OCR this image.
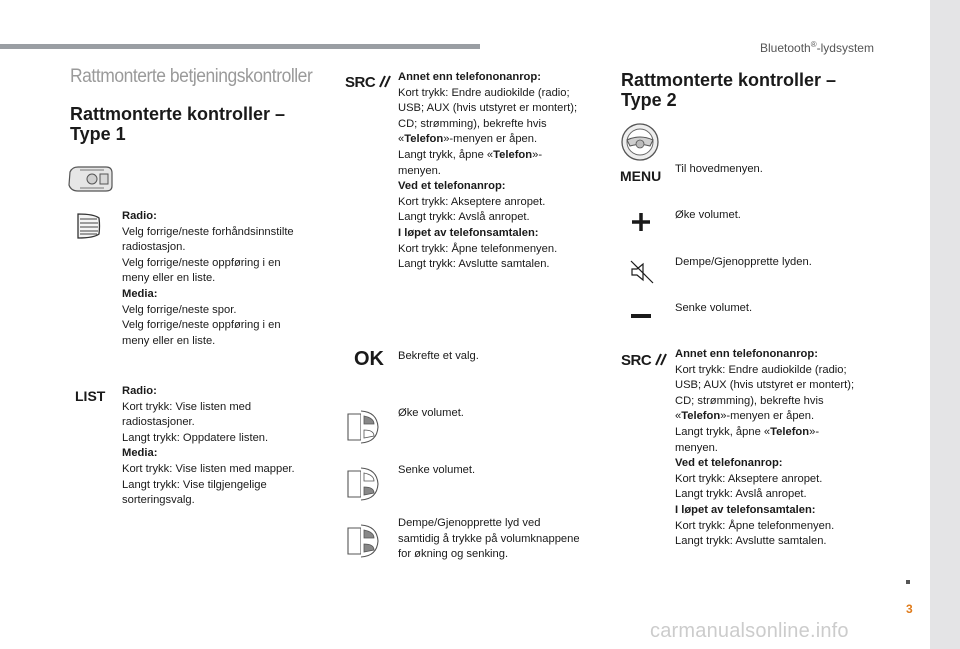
Bluetooth®-lydsystem
Rattmonterte betjeningskontroller
Rattmonterte kontroller –
Type 1
Radio:
Velg forrige/neste forhåndsinnstilte
radiostasjon.
Velg forrige/neste oppføring i en
meny eller en liste.
Media:
Velg forrige/neste spor.
Velg forrige/neste oppføring i en
meny eller en liste.
LIST Radio:
Kort trykk: Vise listen med
radiostasjoner.
Langt trykk: Oppdatere listen.
Media:
Kort trykk: Vise listen med mapper.
Langt trykk: Vise tilgjengelige
sorteringsvalg.
SRC	Annet enn telefononanrop:
Kort trykk: Endre audiokilde (radio;
USB; AUX (hvis utstyret er montert);
CD; strømming), bekrefte hvis
«Telefon»-menyen er åpen.
Langt trykk, åpne «Telefon»-
menyen.
Ved et telefonanrop:
Kort trykk: Akseptere anropet.
Langt trykk: Avslå anropet.
I løpet av telefonsamtalen:
Kort trykk: Åpne telefonmenyen.
Langt trykk: Avslutte samtalen.
OK Bekrefte et valg.
Øke volumet.
Senke volumet.
Dempe/Gjenopprette lyd ved
samtidig å trykke på volumknappene
for økning og senking.
Rattmonterte kontroller –
Type 2
MENU Til hovedmenyen.
Øke volumet.
Dempe/Gjenopprette lyden.
Senke volumet.
SRC	Annet enn telefononanrop:
Kort trykk: Endre audiokilde (radio;
USB; AUX (hvis utstyret er montert);
CD; strømming), bekrefte hvis
«Telefon»-menyen er åpen.
Langt trykk, åpne «Telefon»-
menyen.
Ved et telefonanrop:
Kort trykk: Akseptere anropet.
Langt trykk: Avslå anropet.
I løpet av telefonsamtalen:
Kort trykk: Åpne telefonmenyen.
Langt trykk: Avslutte samtalen.
3
carmanualsonline.info
